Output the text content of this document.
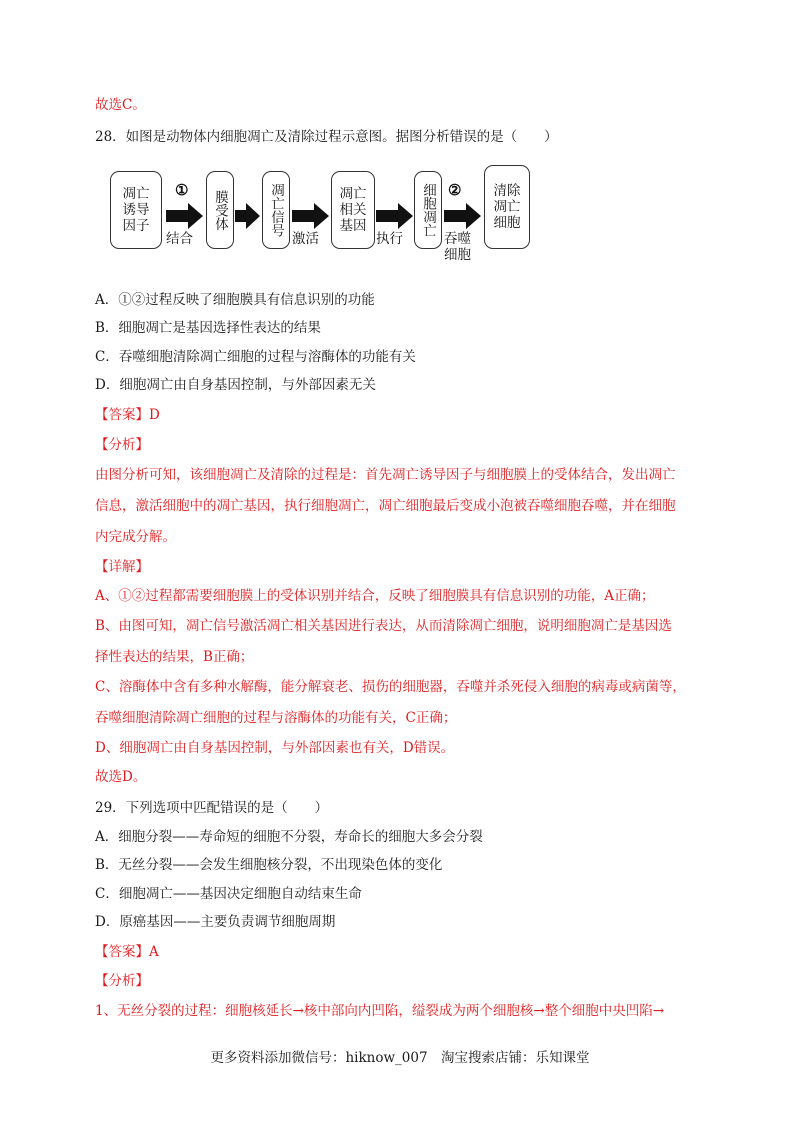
故选C。
28．如图是动物体内细胞凋亡及清除过程示意图。据图分析错误的是（　　）
凋亡
诱导
因子
①
结合
膜受体	凋亡信号
激活
凋亡
相关
基因
执行
细胞凋亡 ②
吞噬
细胞
清除
凋亡
细胞
A．①②过程反映了细胞膜具有信息识别的功能
B．细胞凋亡是基因选择性表达的结果
C．吞噬细胞清除凋亡细胞的过程与溶酶体的功能有关
D．细胞凋亡由自身基因控制，与外部因素无关
【答案】D
【分析】
由图分析可知，该细胞凋亡及清除的过程是：首先凋亡诱导因子与细胞膜上的受体结合，发出凋亡
信息，激活细胞中的凋亡基因，执行细胞凋亡，凋亡细胞最后变成小泡被吞噬细胞吞噬，并在细胞
内完成分解。
【详解】
A、①②过程都需要细胞膜上的受体识别并结合，反映了细胞膜具有信息识别的功能，A正确；
B、由图可知，凋亡信号激活凋亡相关基因进行表达，从而清除凋亡细胞，说明细胞凋亡是基因选
择性表达的结果，B正确；
C、溶酶体中含有多种水解酶，能分解衰老、损伤的细胞器，吞噬并杀死侵入细胞的病毒或病菌等，
吞噬细胞清除凋亡细胞的过程与溶酶体的功能有关，C正确；
D、细胞凋亡由自身基因控制，与外部因素也有关，D错误。
故选D。
29．下列选项中匹配错误的是（　　）
A．细胞分裂——寿命短的细胞不分裂，寿命长的细胞大多会分裂
B．无丝分裂——会发生细胞核分裂，不出现染色体的变化
C．细胞凋亡——基因决定细胞自动结束生命
D．原癌基因——主要负责调节细胞周期
【答案】A
【分析】
1、无丝分裂的过程：细胞核延长→核中部向内凹陷，缢裂成为两个细胞核→整个细胞中央凹陷→
更多资料添加微信号：hiknow_007　淘宝搜索店铺：乐知课堂
